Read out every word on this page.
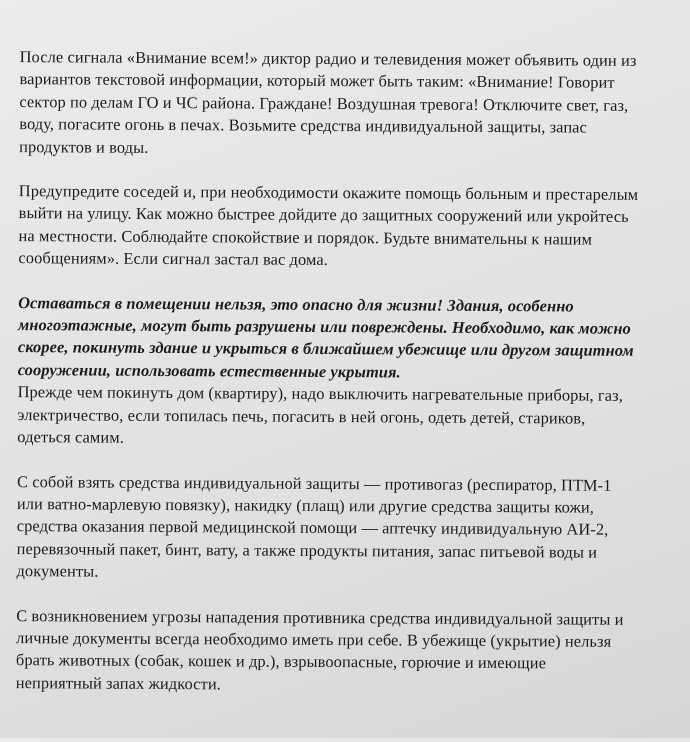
После сигнала «Внимание всем!» диктор радио и телевидения может объявить один из
вариантов текстовой информации, который может быть таким: «Внимание! Говорит
сектор по делам ГО и ЧС района. Граждане! Воздушная тревога! Отключите свет, газ,
воду, погасите огонь в печах. Возьмите средства индивидуальной защиты, запас
продуктов и воды.
Предупредите соседей и, при необходимости окажите помощь больным и престарелым
выйти на улицу. Как можно быстрее дойдите до защитных сооружений или укройтесь
на местности. Соблюдайте спокойствие и порядок. Будьте внимательны к нашим
сообщениям». Если сигнал застал вас дома.
Оставаться в помещении нельзя, это опасно для жизни! Здания, особенно
многоэтажные, могут быть разрушены или повреждены. Необходимо, как можно
скорее, покинуть здание и укрыться в ближайшем убежище или другом защитном
сооружении, использовать естественные укрытия.
Прежде чем покинуть дом (квартиру), надо выключить нагревательные приборы, газ,
электричество, если топилась печь, погасить в ней огонь, одеть детей, стариков,
одеться самим.
С собой взять средства индивидуальной защиты — противогаз (респиратор, ПТМ-1
или ватно-марлевую повязку), накидку (плащ) или другие средства защиты кожи,
средства оказания первой медицинской помощи — аптечку индивидуальную АИ-2,
перевязочный пакет, бинт, вату, а также продукты питания, запас питьевой воды и
документы.
С возникновением угрозы нападения противника средства индивидуальной защиты и
личные документы всегда необходимо иметь при себе. В убежище (укрытие) нельзя
брать животных (собак, кошек и др.), взрывоопасные, горючие и имеющие
неприятный запах жидкости.
